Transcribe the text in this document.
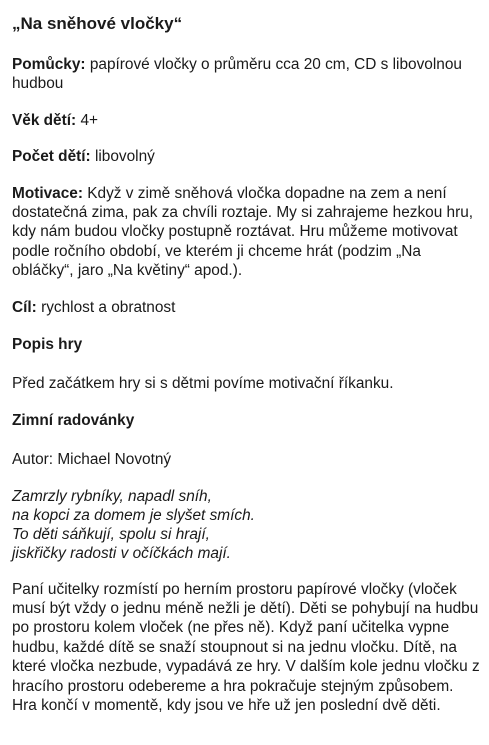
„Na sněhové vločky“

Pomůcky: papírové vločky o průměru cca 20 cm, CD s libovolnou hudbou

Věk dětí: 4+

Počet dětí: libovolný

Motivace: Když v zimě sněhová vločka dopadne na zem a není dostatečná zima, pak za chvíli roztaje. My si zahrajeme hezkou hru, kdy nám budou vločky postupně roztávat. Hru můžeme motivovat podle ročního období, ve kterém ji chceme hrát (podzim „Na obláčky“, jaro „Na květiny“ apod.).

Cíl: rychlost a obratnost

Popis hry

Před začátkem hry si s dětmi povíme motivační říkanku.

Zimní radovánky

Autor: Michael Novotný

Zamrzly rybníky, napadl sníh,
na kopci za domem je slyšet smích.
To děti sáňkují, spolu si hrají,
jiskřičky radosti v očíčkách mají.

Paní učitelky rozmístí po herním prostoru papírové vločky (vloček musí být vždy o jednu méně nežli je dětí). Děti se pohybují na hudbu po prostoru kolem vloček (ne přes ně). Když paní učitelka vypne hudbu, každé dítě se snaží stoupnout si na jednu vločku. Dítě, na které vločka nezbude, vypadává ze hry. V dalším kole jednu vločku z hracího prostoru odebereme a hra pokračuje stejným způsobem. Hra končí v momentě, kdy jsou ve hře už jen poslední dvě děti.
